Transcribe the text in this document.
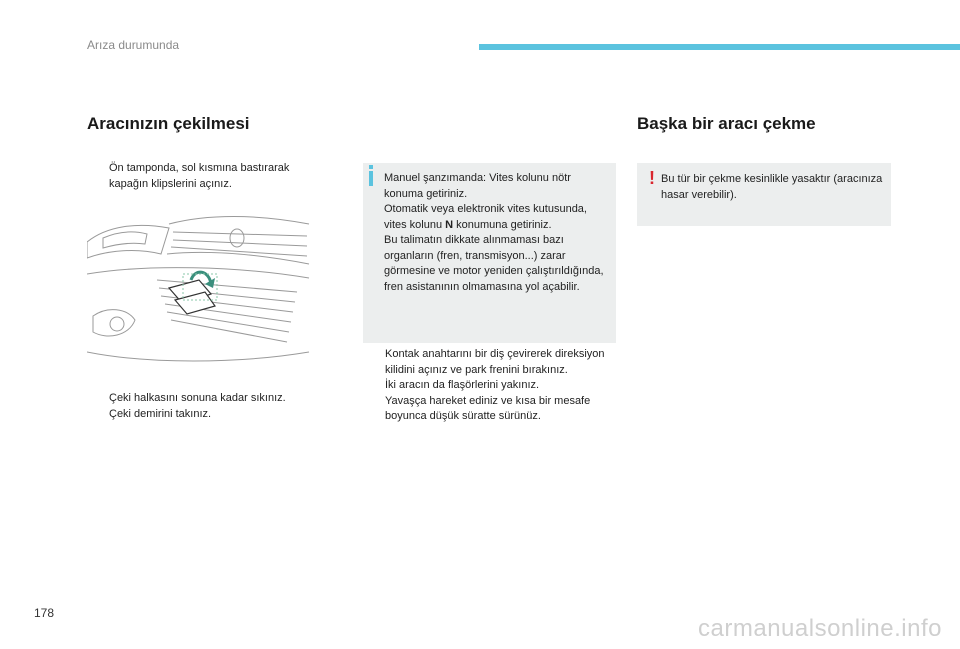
Arıza durumunda
Aracınızın çekilmesi	Başka bir aracı çekme
Ön tamponda, sol kısmına bastırarak kapağın klipslerini açınız.
Çeki halkasını sonuna kadar sıkınız.
Çeki demirini takınız.
Manuel şanzımanda: Vites kolunu nötr konuma getiriniz.
Otomatik veya elektronik vites kutusunda, vites kolunu N konumuna getiriniz.
Bu talimatın dikkate alınmaması bazı organların (fren, transmisyon...) zarar görmesine ve motor yeniden çalıştırıldığında, fren asistanının olmamasına yol açabilir.
Kontak anahtarını bir diş çevirerek direksiyon kilidini açınız ve park frenini bırakınız.
İki aracın da flaşörlerini yakınız.
Yavaşça hareket ediniz ve kısa bir mesafe boyunca düşük süratte sürünüz.
! Bu tür bir çekme kesinlikle yasaktır (aracınıza hasar verebilir).
178
carmanualsonline.info
